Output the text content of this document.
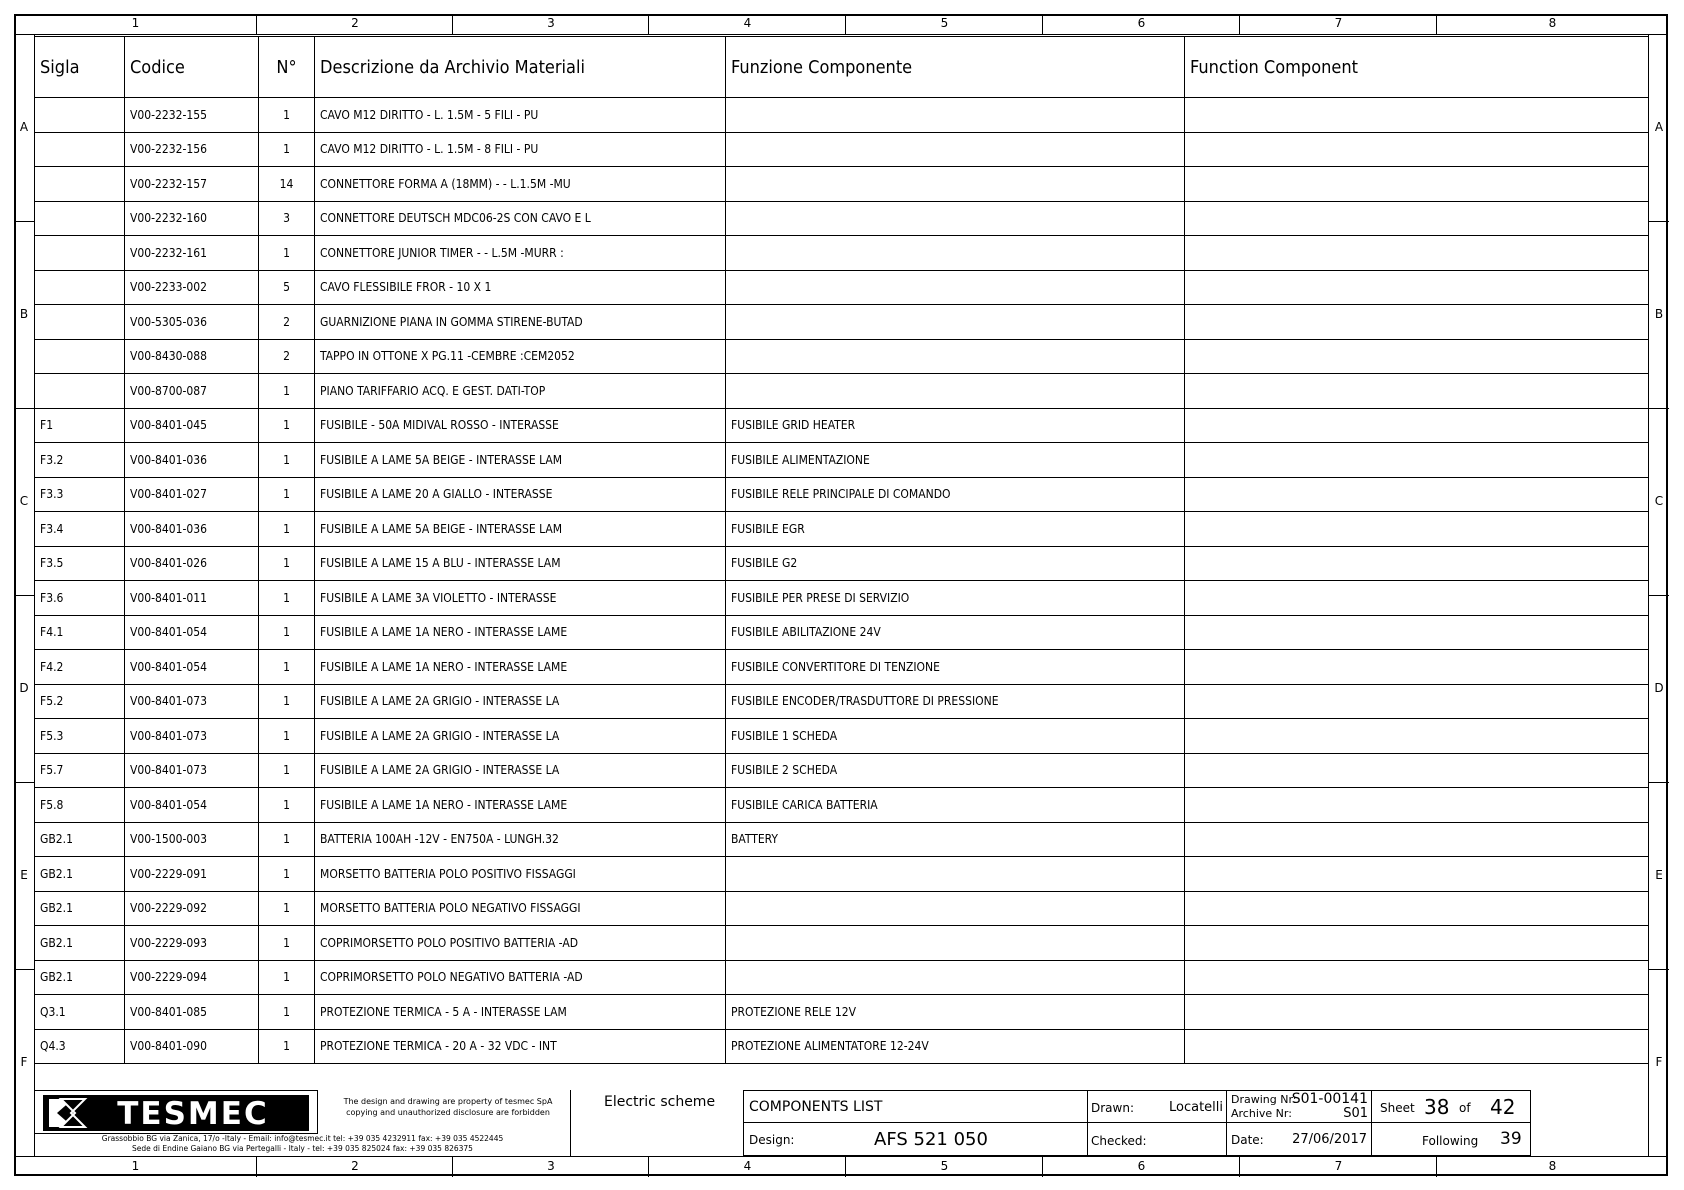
1	2	3	4	5	6	7	8
1	2	3	4	5	6	7	8
A
B
C
D
E
F
A
B
C
D
E
F
Sigla	Codice	N°	Descrizione da Archivio Materiali	Funzione Componente	Function Component
	V00-2232-155	1	CAVO M12 DIRITTO - L. 1.5M - 5 FILI - PU		
	V00-2232-156	1	CAVO M12 DIRITTO - L. 1.5M - 8 FILI - PU		
	V00-2232-157	14	CONNETTORE FORMA A (18MM) - - L.1.5M -MU		
	V00-2232-160	3	CONNETTORE DEUTSCH MDC06-2S CON CAVO E L		
	V00-2232-161	1	CONNETTORE JUNIOR TIMER - - L.5M -MURR :		
	V00-2233-002	5	CAVO FLESSIBILE FROR - 10 X 1		
	V00-5305-036	2	GUARNIZIONE PIANA IN GOMMA STIRENE-BUTAD		
	V00-8430-088	2	TAPPO IN OTTONE X PG.11 -CEMBRE :CEM2052		
	V00-8700-087	1	PIANO TARIFFARIO ACQ. E GEST. DATI-TOP		
F1	V00-8401-045	1	FUSIBILE - 50A MIDIVAL ROSSO - INTERASSE	FUSIBILE GRID HEATER	
F3.2	V00-8401-036	1	FUSIBILE A LAME 5A BEIGE - INTERASSE LAM	FUSIBILE ALIMENTAZIONE	
F3.3	V00-8401-027	1	FUSIBILE A LAME 20 A GIALLO - INTERASSE	FUSIBILE RELE PRINCIPALE DI COMANDO	
F3.4	V00-8401-036	1	FUSIBILE A LAME 5A BEIGE - INTERASSE LAM	FUSIBILE EGR	
F3.5	V00-8401-026	1	FUSIBILE A LAME 15 A BLU - INTERASSE LAM	FUSIBILE G2	
F3.6	V00-8401-011	1	FUSIBILE A LAME 3A VIOLETTO - INTERASSE	FUSIBILE PER PRESE DI SERVIZIO	
F4.1	V00-8401-054	1	FUSIBILE A LAME 1A NERO - INTERASSE LAME	FUSIBILE ABILITAZIONE 24V	
F4.2	V00-8401-054	1	FUSIBILE A LAME 1A NERO - INTERASSE LAME	FUSIBILE CONVERTITORE DI TENZIONE	
F5.2	V00-8401-073	1	FUSIBILE A LAME 2A GRIGIO - INTERASSE LA	FUSIBILE ENCODER/TRASDUTTORE DI PRESSIONE	
F5.3	V00-8401-073	1	FUSIBILE A LAME 2A GRIGIO - INTERASSE LA	FUSIBILE 1 SCHEDA	
F5.7	V00-8401-073	1	FUSIBILE A LAME 2A GRIGIO - INTERASSE LA	FUSIBILE 2 SCHEDA	
F5.8	V00-8401-054	1	FUSIBILE A LAME 1A NERO - INTERASSE LAME	FUSIBILE CARICA BATTERIA	
GB2.1	V00-1500-003	1	BATTERIA 100AH -12V - EN750A - LUNGH.32	BATTERY	
GB2.1	V00-2229-091	1	MORSETTO BATTERIA POLO POSITIVO FISSAGGI		
GB2.1	V00-2229-092	1	MORSETTO BATTERIA POLO NEGATIVO FISSAGGI		
GB2.1	V00-2229-093	1	COPRIMORSETTO POLO POSITIVO BATTERIA -AD		
GB2.1	V00-2229-094	1	COPRIMORSETTO POLO NEGATIVO BATTERIA -AD		
Q3.1	V00-8401-085	1	PROTEZIONE TERMICA - 5 A - INTERASSE LAM	PROTEZIONE RELE 12V	
Q4.3	V00-8401-090	1	PROTEZIONE TERMICA - 20 A - 32 VDC - INT	PROTEZIONE ALIMENTATORE 12-24V	
TESMEC	The design and drawing are property of tesmec SpA
copying and unauthorized disclosure are forbidden
Grassobbio BG via Zanica, 17/o -Italy - Email: info@tesmec.it tel: +39 035 4232911 fax: +39 035 4522445
Sede di Endine Gaiano BG via Pertegalli - Italy - tel: +39 035 825024 fax: +39 035 826375
Electric scheme COMPONENTS LIST
Design:	AFS 521 050
Drawn:	Locatelli
Checked:
Drawing Nr:
S01-00141
Archive Nr:	S01
Date: 27/06/2017
Sheet 38 of 42
Following 39
